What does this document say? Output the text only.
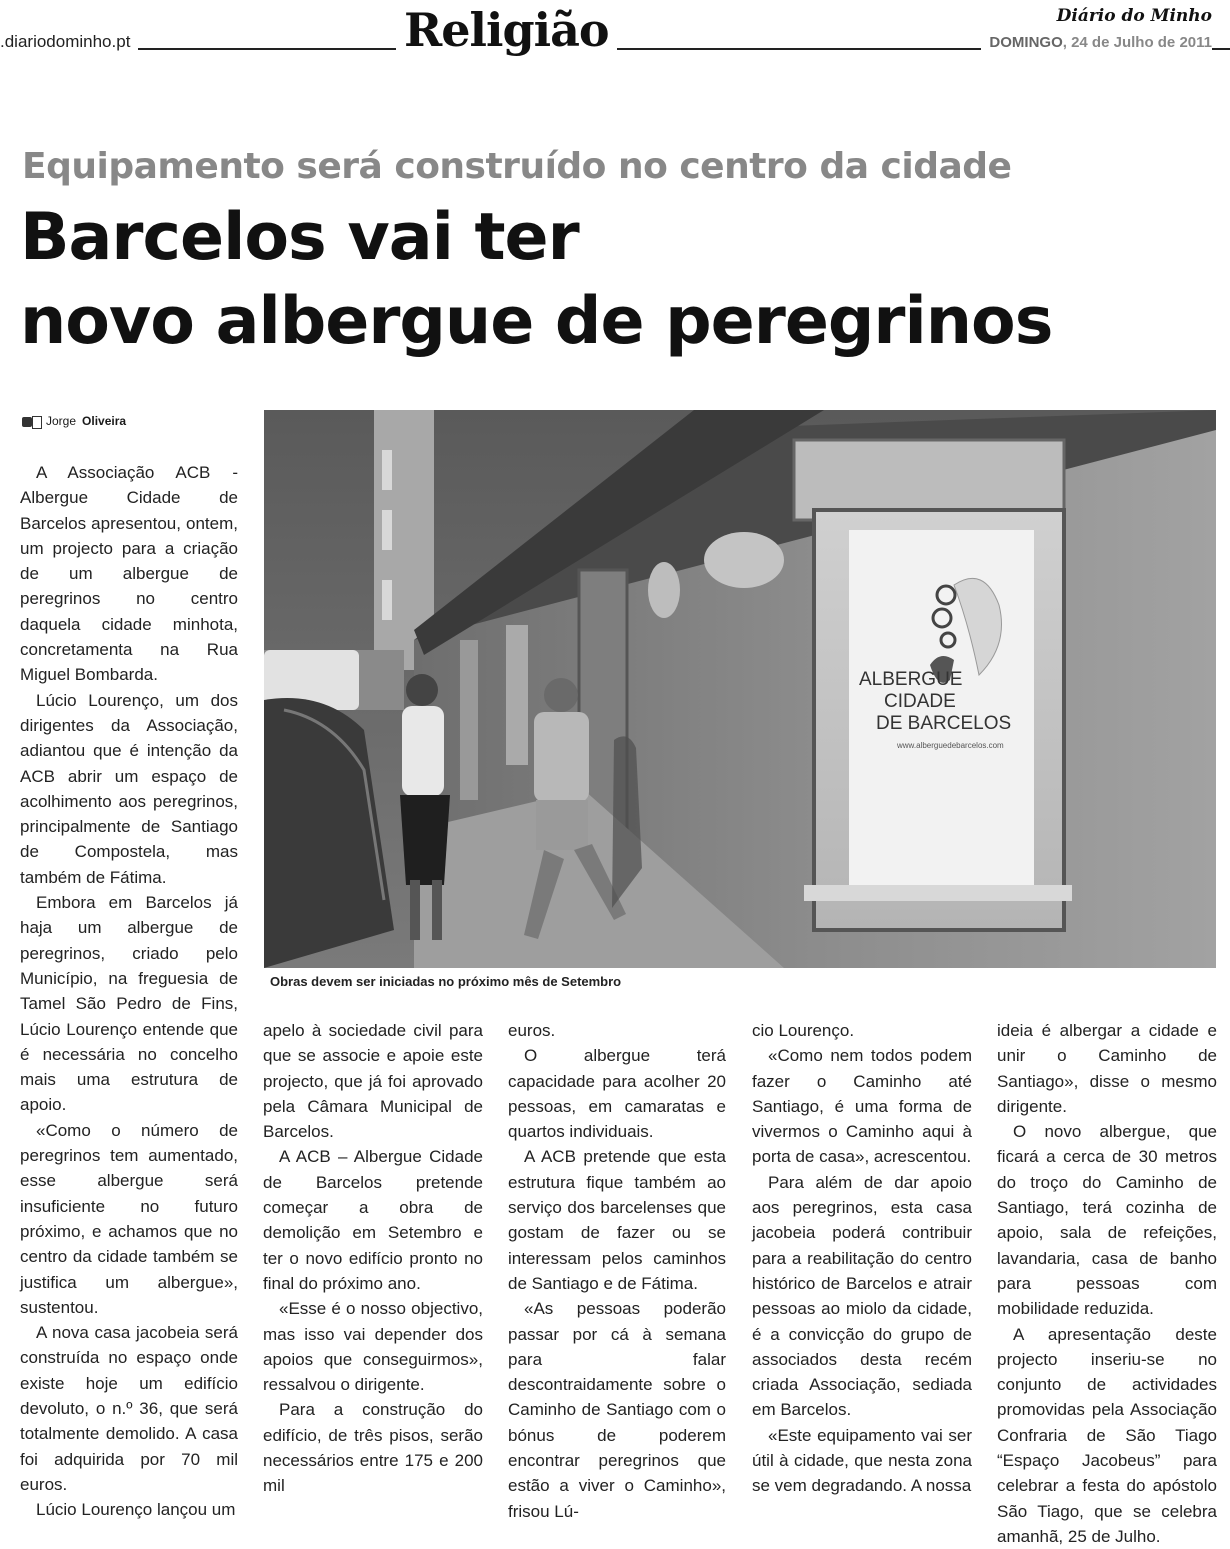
.diariodominho.pt	Religião	Diário do Minho
DOMINGO, 24 de Julho de 2011
Equipamento será construído no centro da cidade
Barcelos vai ter
novo albergue de peregrinos
Jorge Oliveira
ALBERGUE
CIDADE
DE BARCELOS
www.alberguedebarcelos.com
Obras devem ser iniciadas no próximo mês de Setembro

A Associação ACB - Albergue Cidade de Barcelos apresentou, ontem, um projecto para a criação de um albergue de peregrinos no centro daquela cidade minhota, concretamenta na Rua Miguel Bombarda.

Lúcio Lourenço, um dos dirigentes da Associação, adiantou que é intenção da ACB abrir um espaço de acolhimento aos peregrinos, principalmente de Santiago de Compostela, mas também de Fátima.

Embora em Barcelos já haja um albergue de peregrinos, criado pelo Município, na freguesia de Tamel São Pedro de Fins, Lúcio Lourenço entende que é necessária no concelho mais uma estrutura de apoio.

«Como o número de peregrinos tem aumentado, esse albergue será insuficiente no futuro próximo, e achamos que no centro da cidade também se justifica um albergue», sustentou.

A nova casa jacobeia será construída no espaço onde existe hoje um edifício devoluto, o n.º 36, que será totalmente demolido. A casa foi adquirida por 70 mil euros.

Lúcio Lourenço lançou um

apelo à sociedade civil para que se associe e apoie este projecto, que já foi aprovado pela Câmara Municipal de Barcelos.

A ACB – Albergue Cidade de Barcelos pretende começar a obra de demolição em Setembro e ter o novo edifício pronto no final do próximo ano.

«Esse é o nosso objectivo, mas isso vai depender dos apoios que conseguirmos», ressalvou o dirigente.

Para a construção do edifício, de três pisos, serão necessários entre 175 e 200 mil

euros.

O albergue terá capacidade para acolher 20 pessoas, em camaratas e quartos individuais.

A ACB pretende que esta estrutura fique também ao serviço dos barcelenses que gostam de fazer ou se interessam pelos caminhos de Santiago e de Fátima.

«As pessoas poderão passar por cá à semana para falar descontraidamente sobre o Caminho de Santiago com o bónus de poderem encontrar peregrinos que estão a viver o Caminho», frisou Lú-

cio Lourenço.

«Como nem todos podem fazer o Caminho até Santiago, é uma forma de vivermos o Caminho aqui à porta de casa», acrescentou.

Para além de dar apoio aos peregrinos, esta casa jacobeia poderá contribuir para a reabilitação do centro histórico de Barcelos e atrair pessoas ao miolo da cidade, é a convicção do grupo de associados desta recém criada Associação, sediada em Barcelos.

«Este equipamento vai ser útil à cidade, que nesta zona se vem degradando. A nossa

ideia é albergar a cidade e unir o Caminho de Santiago», disse o mesmo dirigente.

O novo albergue, que ficará a cerca de 30 metros do troço do Caminho de Santiago, terá cozinha de apoio, sala de refeições, lavandaria, casa de banho para pessoas com mobilidade reduzida.

A apresentação deste projecto inseriu-se no conjunto de actividades promovidas pela Associação Confraria de São Tiago “Espaço Jacobeus” para celebrar a festa do apóstolo São Tiago, que se celebra amanhã, 25 de Julho.
